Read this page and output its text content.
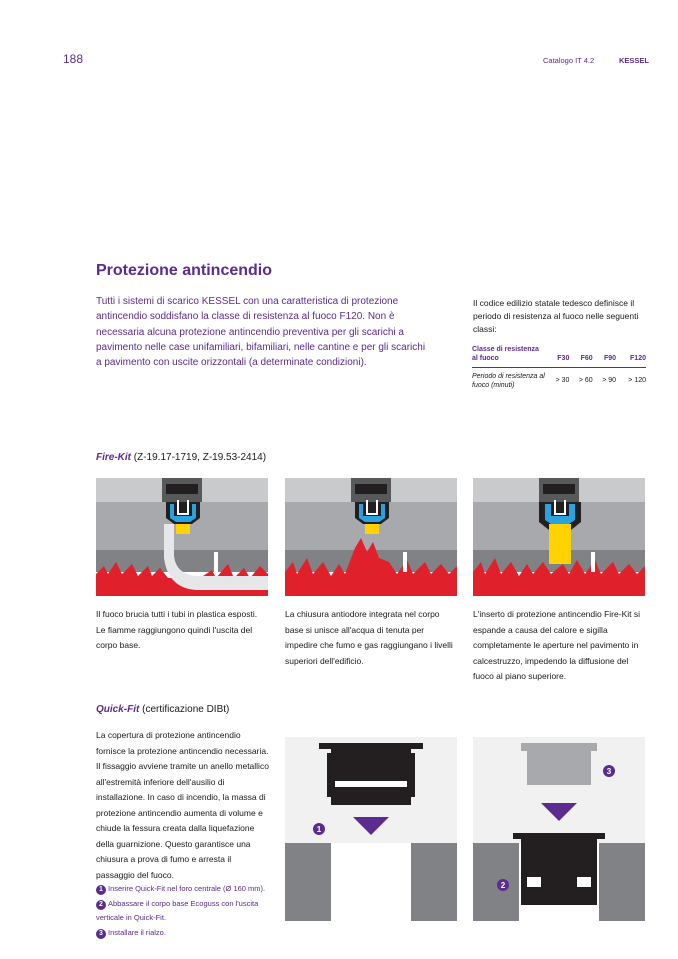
188	Catalogo IT 4.2	KESSEL
Protezione antincendio
Tutti i sistemi di scarico KESSEL con una caratteristica di protezione antincendio soddisfano la classe di resistenza al fuoco F120. Non è necessaria alcuna protezione antincendio preventiva per gli scarichi a pavimento nelle case unifamiliari, bifamiliari, nelle cantine e per gli scarichi a pavimento con uscite orizzontali (a determinate condizioni).
Il codice edilizio statale tedesco definisce il periodo di resistenza al fuoco nelle seguenti classi:
Classe di resistenza al fuoco	F30	F60	F90	F120
Periodo di resistenza al fuoco (minuti)	> 30	> 60	> 90	> 120
Fire-Kit (Z-19.17-1719, Z-19.53-2414)
Il fuoco brucia tutti i tubi in plastica esposti. Le fiamme raggiungono quindi l'uscita del corpo base.
La chiusura antiodore integrata nel corpo base si unisce all'acqua di tenuta per impedire che fumo e gas raggiungano i livelli superiori dell'edificio.
L'inserto di protezione antincendio Fire-Kit si espande a causa del calore e sigilla completamente le aperture nel pavimento in calcestruzzo, impedendo la diffusione del fuoco al piano superiore.
Quick-Fit (certificazione DIBt)
La copertura di protezione antincendio fornisce la protezione antincendio necessaria. Il fissaggio avviene tramite un anello metallico all'estremità inferiore dell'ausilio di installazione. In caso di incendio, la massa di protezione antincendio aumenta di volume e chiude la fessura creata dalla liquefazione della guarnizione. Questo garantisce una chiusura a prova di fumo e arresta il passaggio del fuoco.
1 Inserire Quick-Fit nel foro centrale (Ø 160 mm).
2 Abbassare il corpo base Ecoguss con l'uscita verticale in Quick-Fit.
3 Installare il rialzo.
1
3
2
